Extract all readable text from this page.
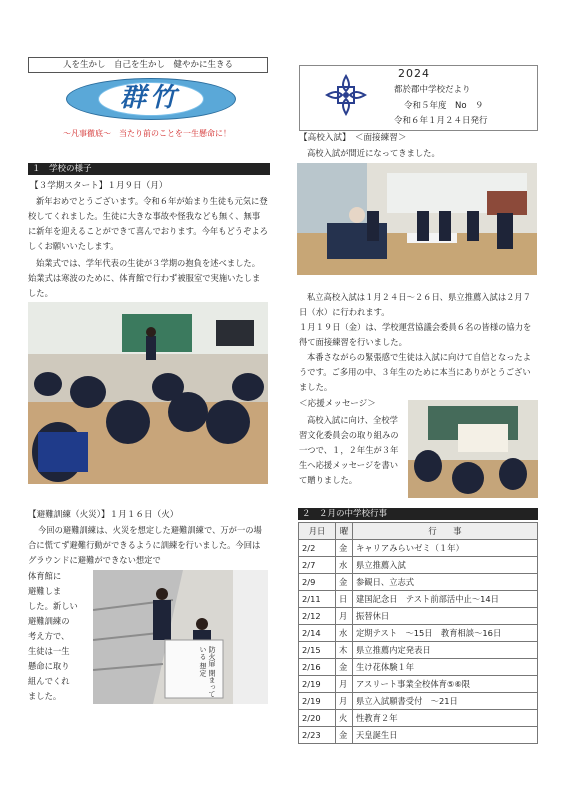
人を生かし　自己を生かし　健やかに生きる
群竹
～凡事徹底～　当たり前のことを一生懸命に！
2024
都於郡中学校だより
令和５年度　No　９
令和６年１月２４日発行
１　学校の様子
【３学期スタート】１月９日（月）
新年おめでとうございます。令和６年が始まり生徒も元気に登校してくれました。生徒に大きな事故や怪我なども無く、無事に新年を迎えることができて喜んでおります。今年もどうぞよろしくお願いいたします。
始業式では、学年代表の生徒が３学期の抱負を述べました。始業式は寒波のために、体育館で行わず被服室で実施いたしました。
【避難訓練（火災）】１月１６日（火）
今回の避難訓練は、火災を想定した避難訓練で、万が一の場合に慌てず避難行動ができるように訓練を行いました。今回はグラウンドに避難ができない想定で
体育館に
避難しま
した。新しい
避難訓練の
考え方で、
生徒は一生
懸命に取り
組んでくれ
ました。	防火扉 閉まっている 想定
【高校入試】　＜面接練習＞
高校入試が間近になってきました。
私立高校入試は１月２４日～２６日、県立推薦入試は２月７日（水）に行われます。
１月１９日（金）は、学校運営協議会委員６名の皆様の協力を得て面接練習を行いました。
本番さながらの緊張感で生徒は入試に向けて自信となったようです。ご多用の中、３年生のために本当にありがとうございました。
＜応援メッセージ＞
高校入試に向け、全校学習文化委員会の取り組みの一つで、１，２年生が３年生へ応援メッセージを書いて贈りました。
２　２月の中学校行事
月日	曜	行　　事
2/2	金	キャリアみらいゼミ（１年）
2/7	水	県立推薦入試
2/9	金	参観日、立志式
2/11	日	建国記念日　テスト前部活中止～14日
2/12	月	振替休日
2/14	水	定期テスト　～15日　教育相談～16日
2/15	木	県立推薦内定発表日
2/16	金	生け花体験１年
2/19	月	アスリート事業全校体育⑤⑥限
2/19	月	県立入試願書受付　～21日
2/20	火	性教育２年
2/23	金	天皇誕生日
